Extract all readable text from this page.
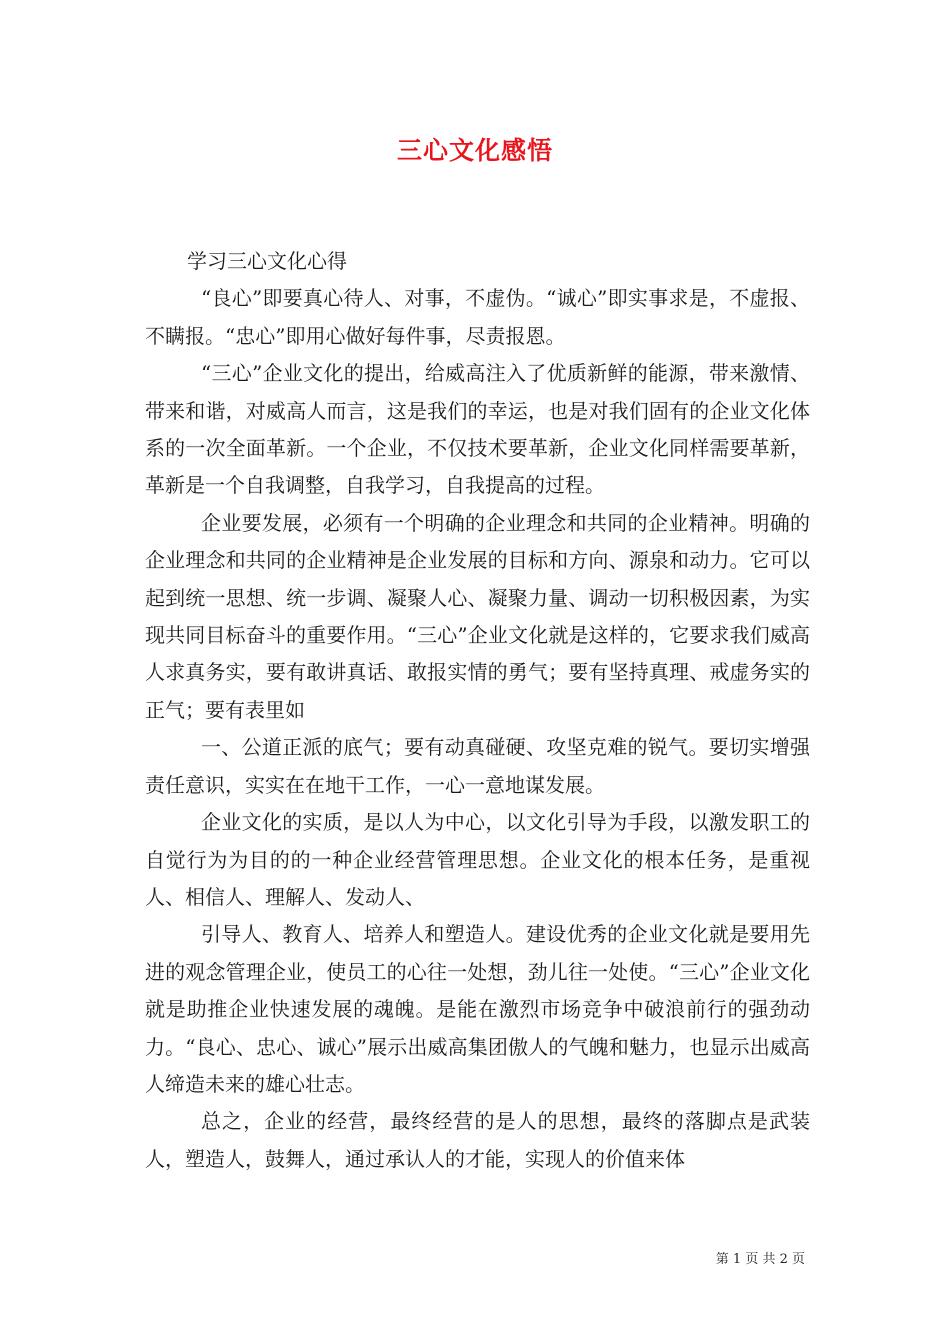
三心文化感悟

学习三心文化心得

“良心”即要真心待人、对事，不虚伪。“诚心”即实事求是，不虚报、不瞒报。“忠心”即用心做好每件事，尽责报恩。

“三心”企业文化的提出，给威高注入了优质新鲜的能源，带来激情、带来和谐，对威高人而言，这是我们的幸运，也是对我们固有的企业文化体系的一次全面革新。一个企业，不仅技术要革新，企业文化同样需要革新，革新是一个自我调整，自我学习，自我提高的过程。

企业要发展，必须有一个明确的企业理念和共同的企业精神。明确的企业理念和共同的企业精神是企业发展的目标和方向、源泉和动力。它可以起到统一思想、统一步调、凝聚人心、凝聚力量、调动一切积极因素，为实现共同目标奋斗的重要作用。“三心”企业文化就是这样的，它要求我们威高人求真务实，要有敢讲真话、敢报实情的勇气；要有坚持真理、戒虚务实的正气；要有表里如

一、公道正派的底气；要有动真碰硬、攻坚克难的锐气。要切实增强责任意识，实实在在地干工作，一心一意地谋发展。

企业文化的实质，是以人为中心，以文化引导为手段，以激发职工的自觉行为为目的的一种企业经营管理思想。企业文化的根本任务，是重视人、相信人、理解人、发动人、

引导人、教育人、培养人和塑造人。建设优秀的企业文化就是要用先进的观念管理企业，使员工的心往一处想，劲儿往一处使。“三心”企业文化就是助推企业快速发展的魂魄。是能在激烈市场竞争中破浪前行的强劲动力。“良心、忠心、诚心”展示出威高集团傲人的气魄和魅力，也显示出威高人缔造未来的雄心壮志。

总之，企业的经营，最终经营的是人的思想，最终的落脚点是武装人，塑造人，鼓舞人，通过承认人的才能，实现人的价值来体

第 1 页 共 2 页
